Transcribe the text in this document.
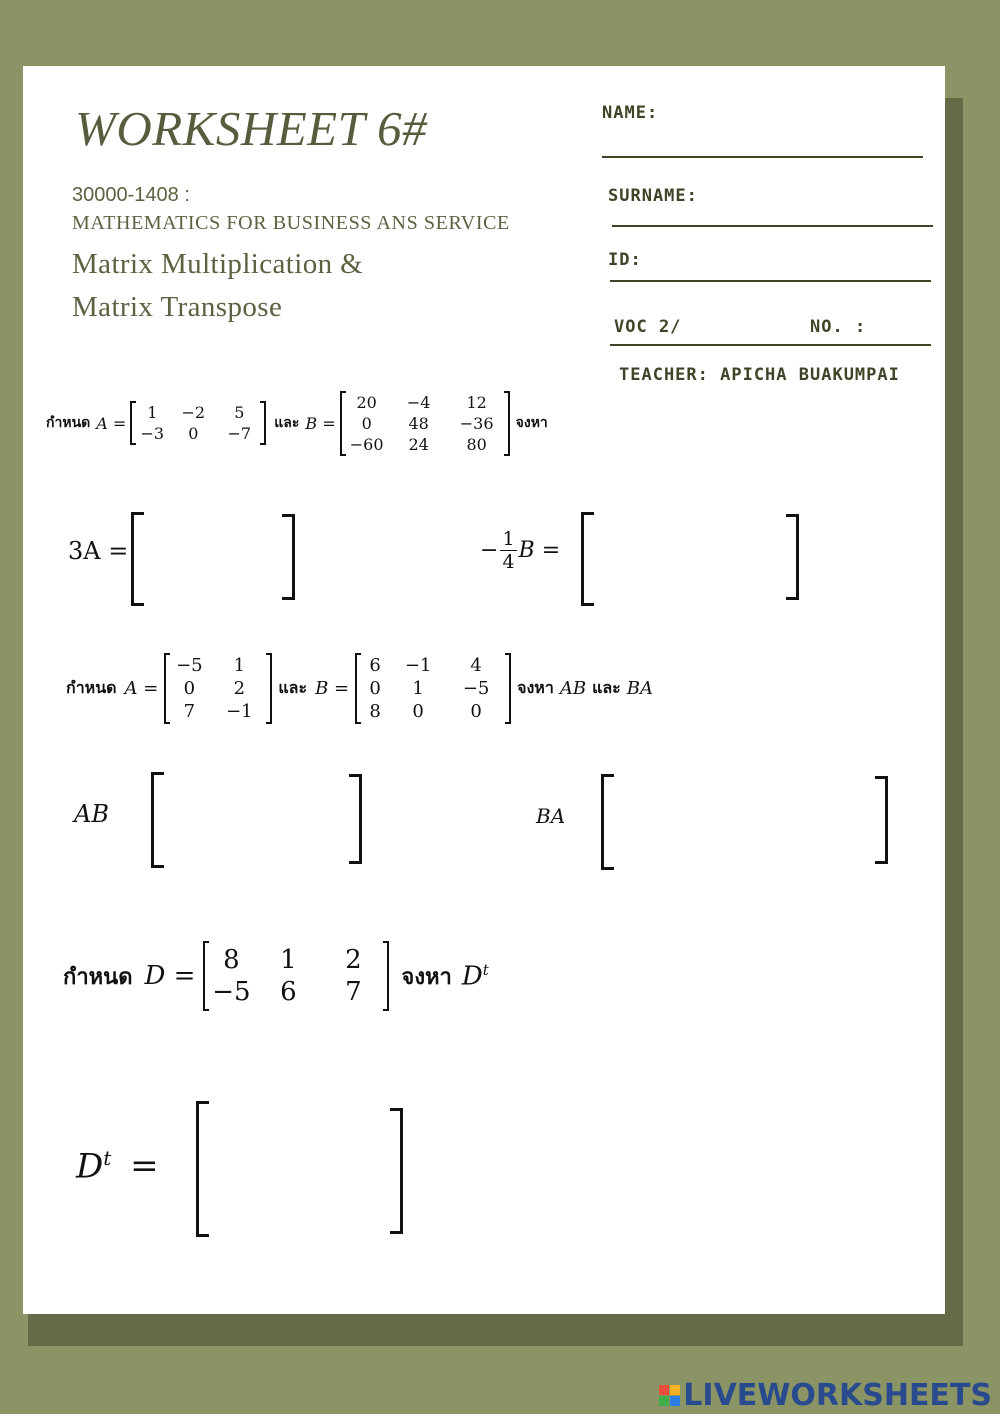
WORKSHEET 6#
30000-1408 :
MATHEMATICS FOR BUSINESS ANS SERVICE
Matrix Multiplication &
Matrix Transpose
NAME:
SURNAME:
ID:
VOC 2/	NO. :
TEACHER: APICHA BUAKUMPAI
กำหนด A =
1	−2	5
−3	0	−7
และ B =
20	−4	12
0	48	−36
−60	24	80
จงหา
3A =	− $\frac{1}{4}$ B =
กำหนด A =
−5	1
0	2
7	−1
และ B =
6	−1	4
0	1	−5
8	0	0
จงหา AB และ BA
AB	BA
กำหนด D =
8	1	2
−5	6	7 จงหา $D^t$
$D^t$ =
LIVEWORKSHEETS
